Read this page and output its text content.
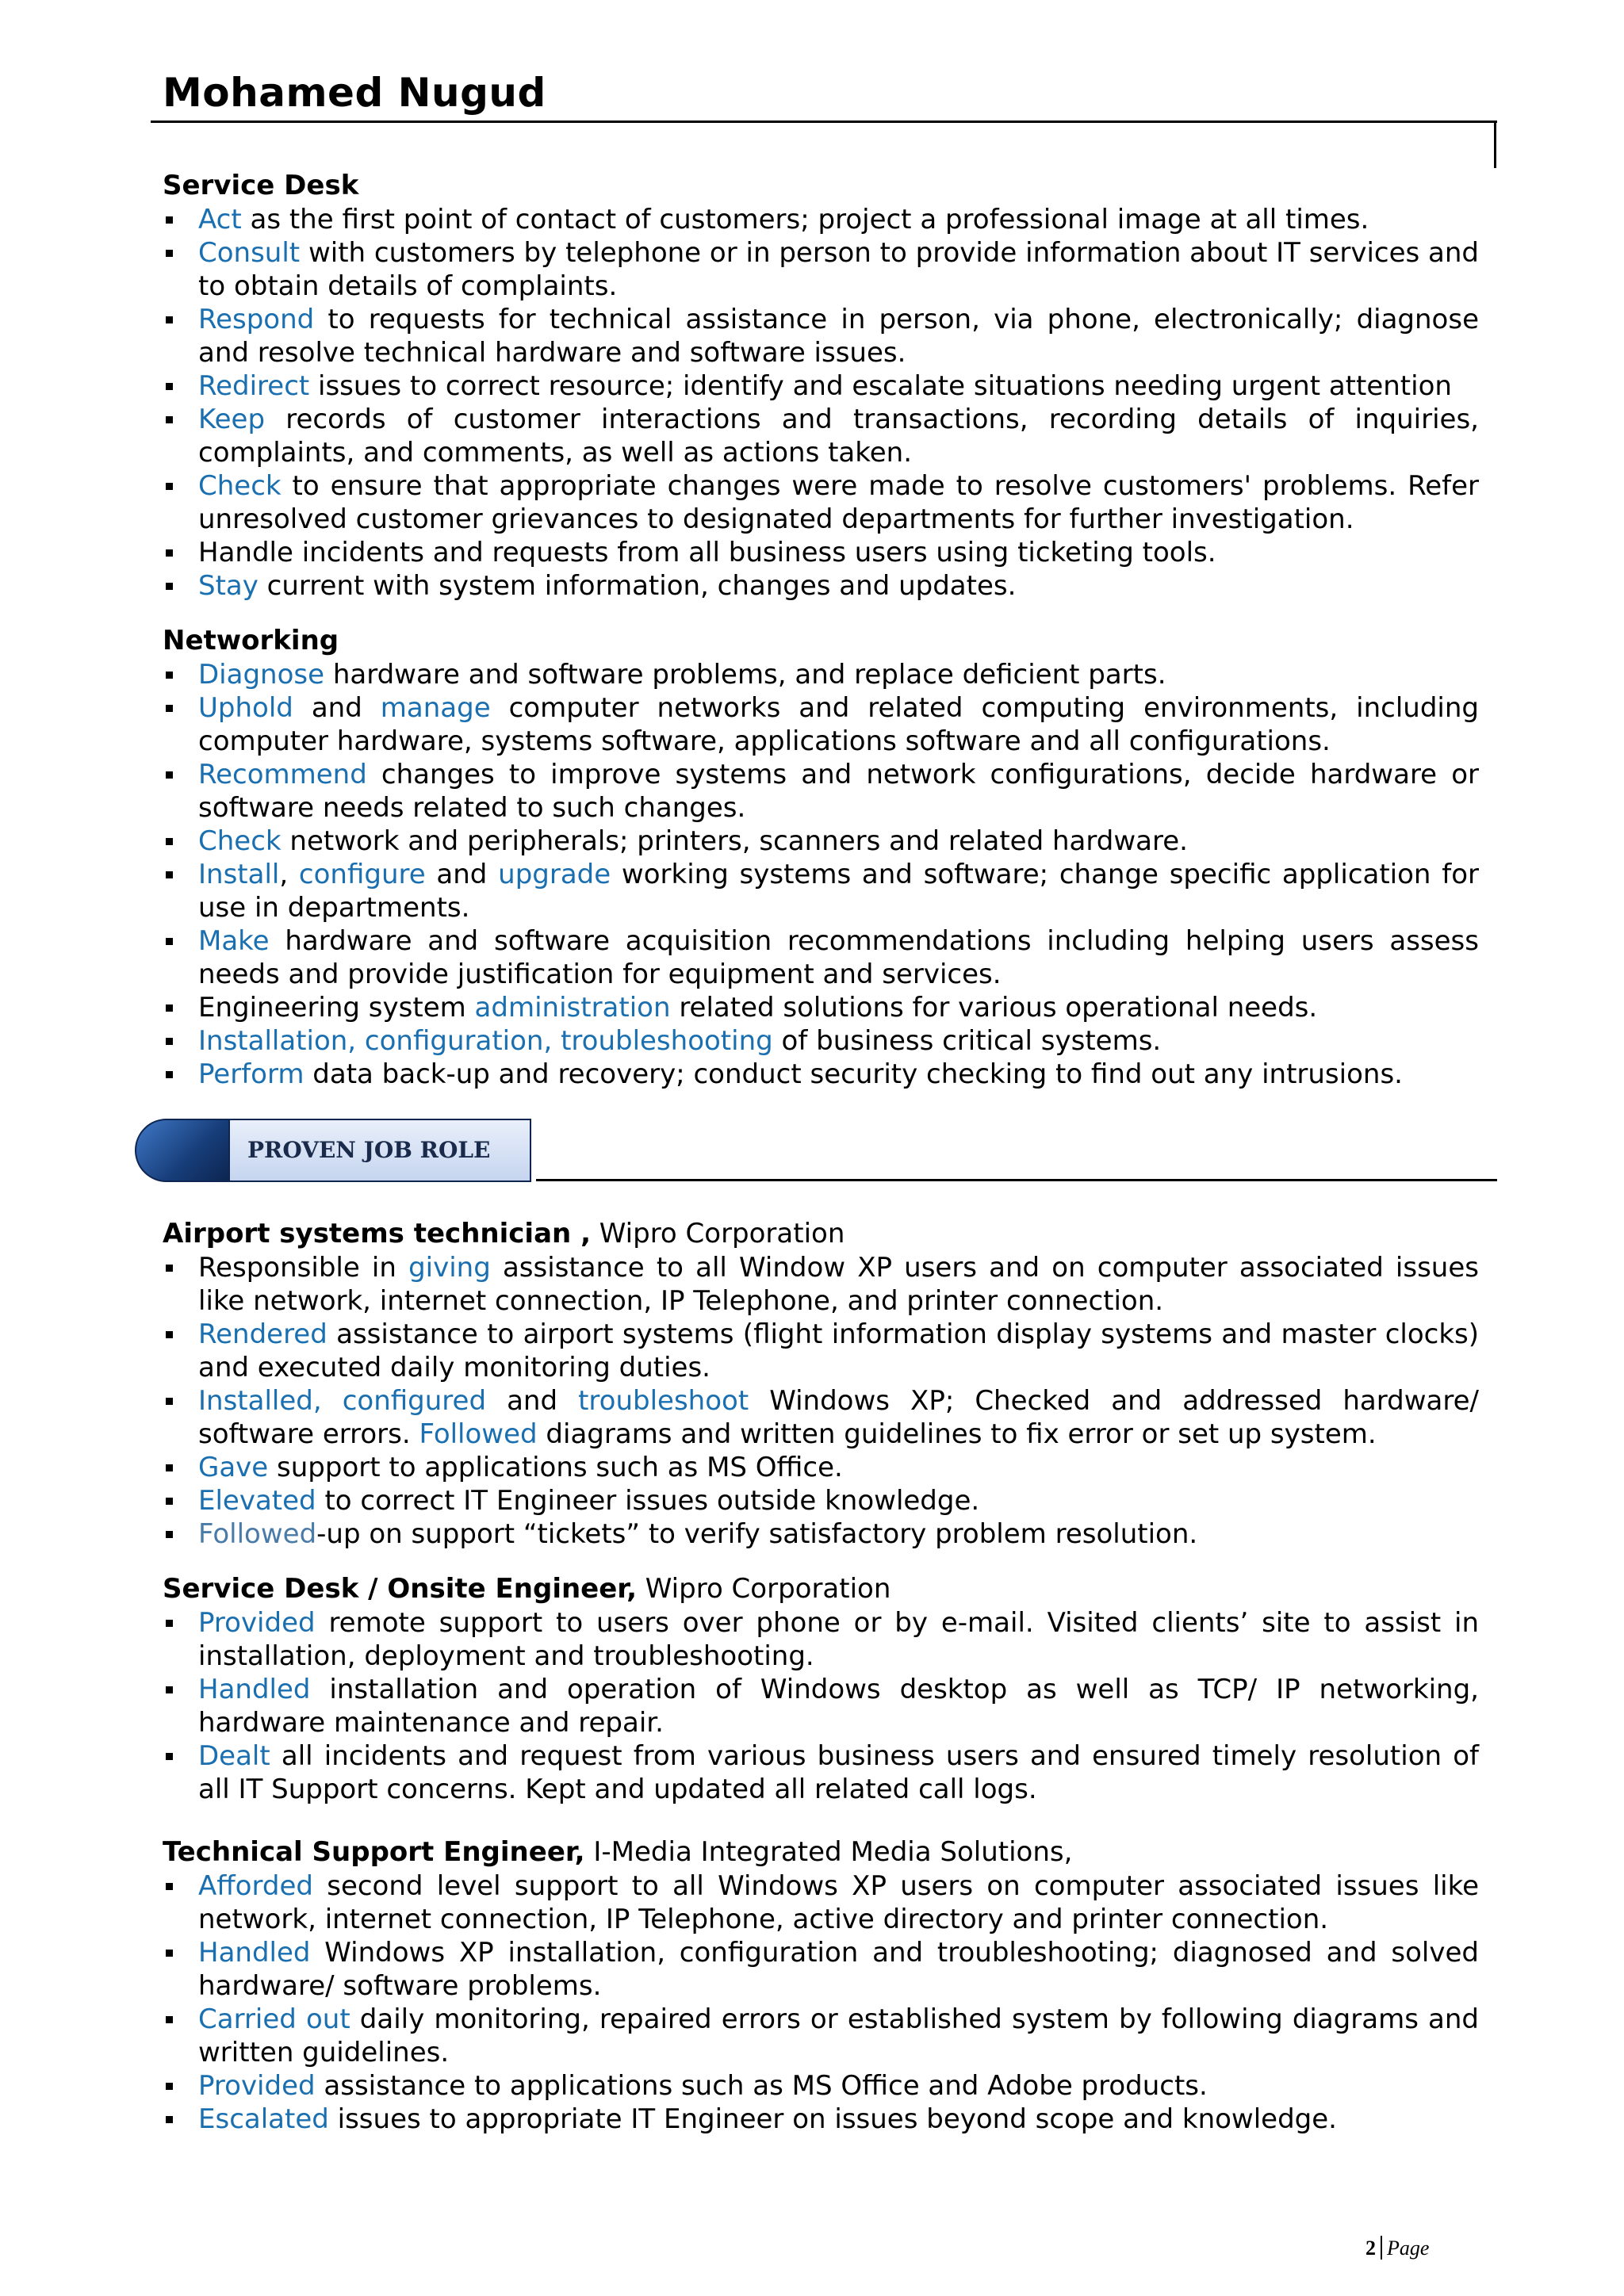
Mohamed Nugud
Service Desk
Act as the first point of contact of customers; project a professional image at all times.
Consult with customers by telephone or in person to provide information about IT services and to obtain details of complaints.
Respond to requests for technical assistance in person, via phone, electronically; diagnose and resolve technical hardware and software issues.
Redirect issues to correct resource; identify and escalate situations needing urgent attention
Keep records of customer interactions and transactions, recording details of inquiries, complaints, and comments, as well as actions taken.
Check to ensure that appropriate changes were made to resolve customers' problems. Refer unresolved customer grievances to designated departments for further investigation.
Handle incidents and requests from all business users using ticketing tools.
Stay current with system information, changes and updates.
Networking
Diagnose hardware and software problems, and replace deficient parts.
Uphold and manage computer networks and related computing environments, including computer hardware, systems software, applications software and all configurations.
Recommend changes to improve systems and network configurations, decide hardware or software needs related to such changes.
Check network and peripherals; printers, scanners and related hardware.
Install, configure and upgrade working systems and software; change specific application for use in departments.
Make hardware and software acquisition recommendations including helping users assess needs and provide justification for equipment and services.
Engineering system administration related solutions for various operational needs.
Installation, configuration, troubleshooting of business critical systems.
Perform data back-up and recovery; conduct security checking to find out any intrusions.
PROVEN JOB ROLE
Airport systems technician , Wipro Corporation
Responsible in giving assistance to all Window XP users and on computer associated issues like network, internet connection, IP Telephone, and printer connection.
Rendered assistance to airport systems (flight information display systems and master clocks) and executed daily monitoring duties.
Installed, configured and troubleshoot Windows XP; Checked and addressed hardware/ software errors. Followed diagrams and written guidelines to fix error or set up system.
Gave support to applications such as MS Office.
Elevated to correct IT Engineer issues outside knowledge.
Followed-up on support “tickets” to verify satisfactory problem resolution.
Service Desk / Onsite Engineer, Wipro Corporation
Provided remote support to users over phone or by e-mail. Visited clients’ site to assist in installation, deployment and troubleshooting.
Handled installation and operation of Windows desktop as well as TCP/ IP networking, hardware maintenance and repair.
Dealt all incidents and request from various business users and ensured timely resolution of all IT Support concerns. Kept and updated all related call logs.
Technical Support Engineer, I-Media Integrated Media Solutions,
Afforded second level support to all Windows XP users on computer associated issues like network, internet connection, IP Telephone, active directory and printer connection.
Handled Windows XP installation, configuration and troubleshooting; diagnosed and solved hardware/ software problems.
Carried out daily monitoring, repaired errors or established system by following diagrams and written guidelines.
Provided assistance to applications such as MS Office and Adobe products.
Escalated issues to appropriate IT Engineer on issues beyond scope and knowledge.
2 Page
